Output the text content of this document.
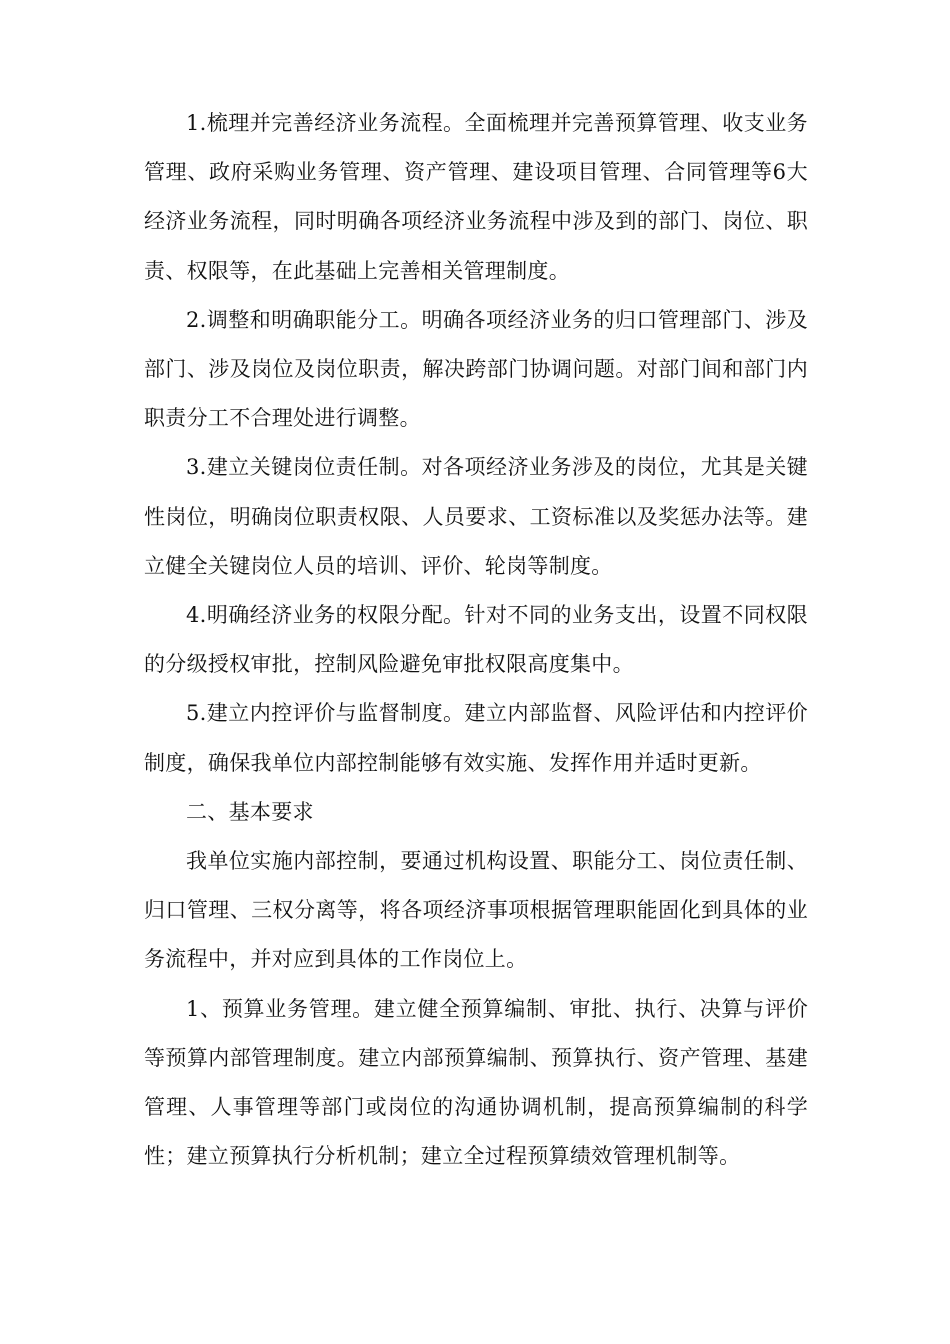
1.梳理并完善经济业务流程。全面梳理并完善预算管理、收支业务管理、政府采购业务管理、资产管理、建设项目管理、合同管理等6大经济业务流程，同时明确各项经济业务流程中涉及到的部门、岗位、职责、权限等，在此基础上完善相关管理制度。

2.调整和明确职能分工。明确各项经济业务的归口管理部门、涉及部门、涉及岗位及岗位职责，解决跨部门协调问题。对部门间和部门内职责分工不合理处进行调整。

3.建立关键岗位责任制。对各项经济业务涉及的岗位，尤其是关键性岗位，明确岗位职责权限、人员要求、工资标准以及奖惩办法等。建立健全关键岗位人员的培训、评价、轮岗等制度。

4.明确经济业务的权限分配。针对不同的业务支出，设置不同权限的分级授权审批，控制风险避免审批权限高度集中。

5.建立内控评价与监督制度。建立内部监督、风险评估和内控评价制度，确保我单位内部控制能够有效实施、发挥作用并适时更新。

二、基本要求

我单位实施内部控制，要通过机构设置、职能分工、岗位责任制、归口管理、三权分离等，将各项经济事项根据管理职能固化到具体的业务流程中，并对应到具体的工作岗位上。

1、预算业务管理。建立健全预算编制、审批、执行、决算与评价等预算内部管理制度。建立内部预算编制、预算执行、资产管理、基建管理、人事管理等部门或岗位的沟通协调机制，提高预算编制的科学性；建立预算执行分析机制；建立全过程预算绩效管理机制等。
